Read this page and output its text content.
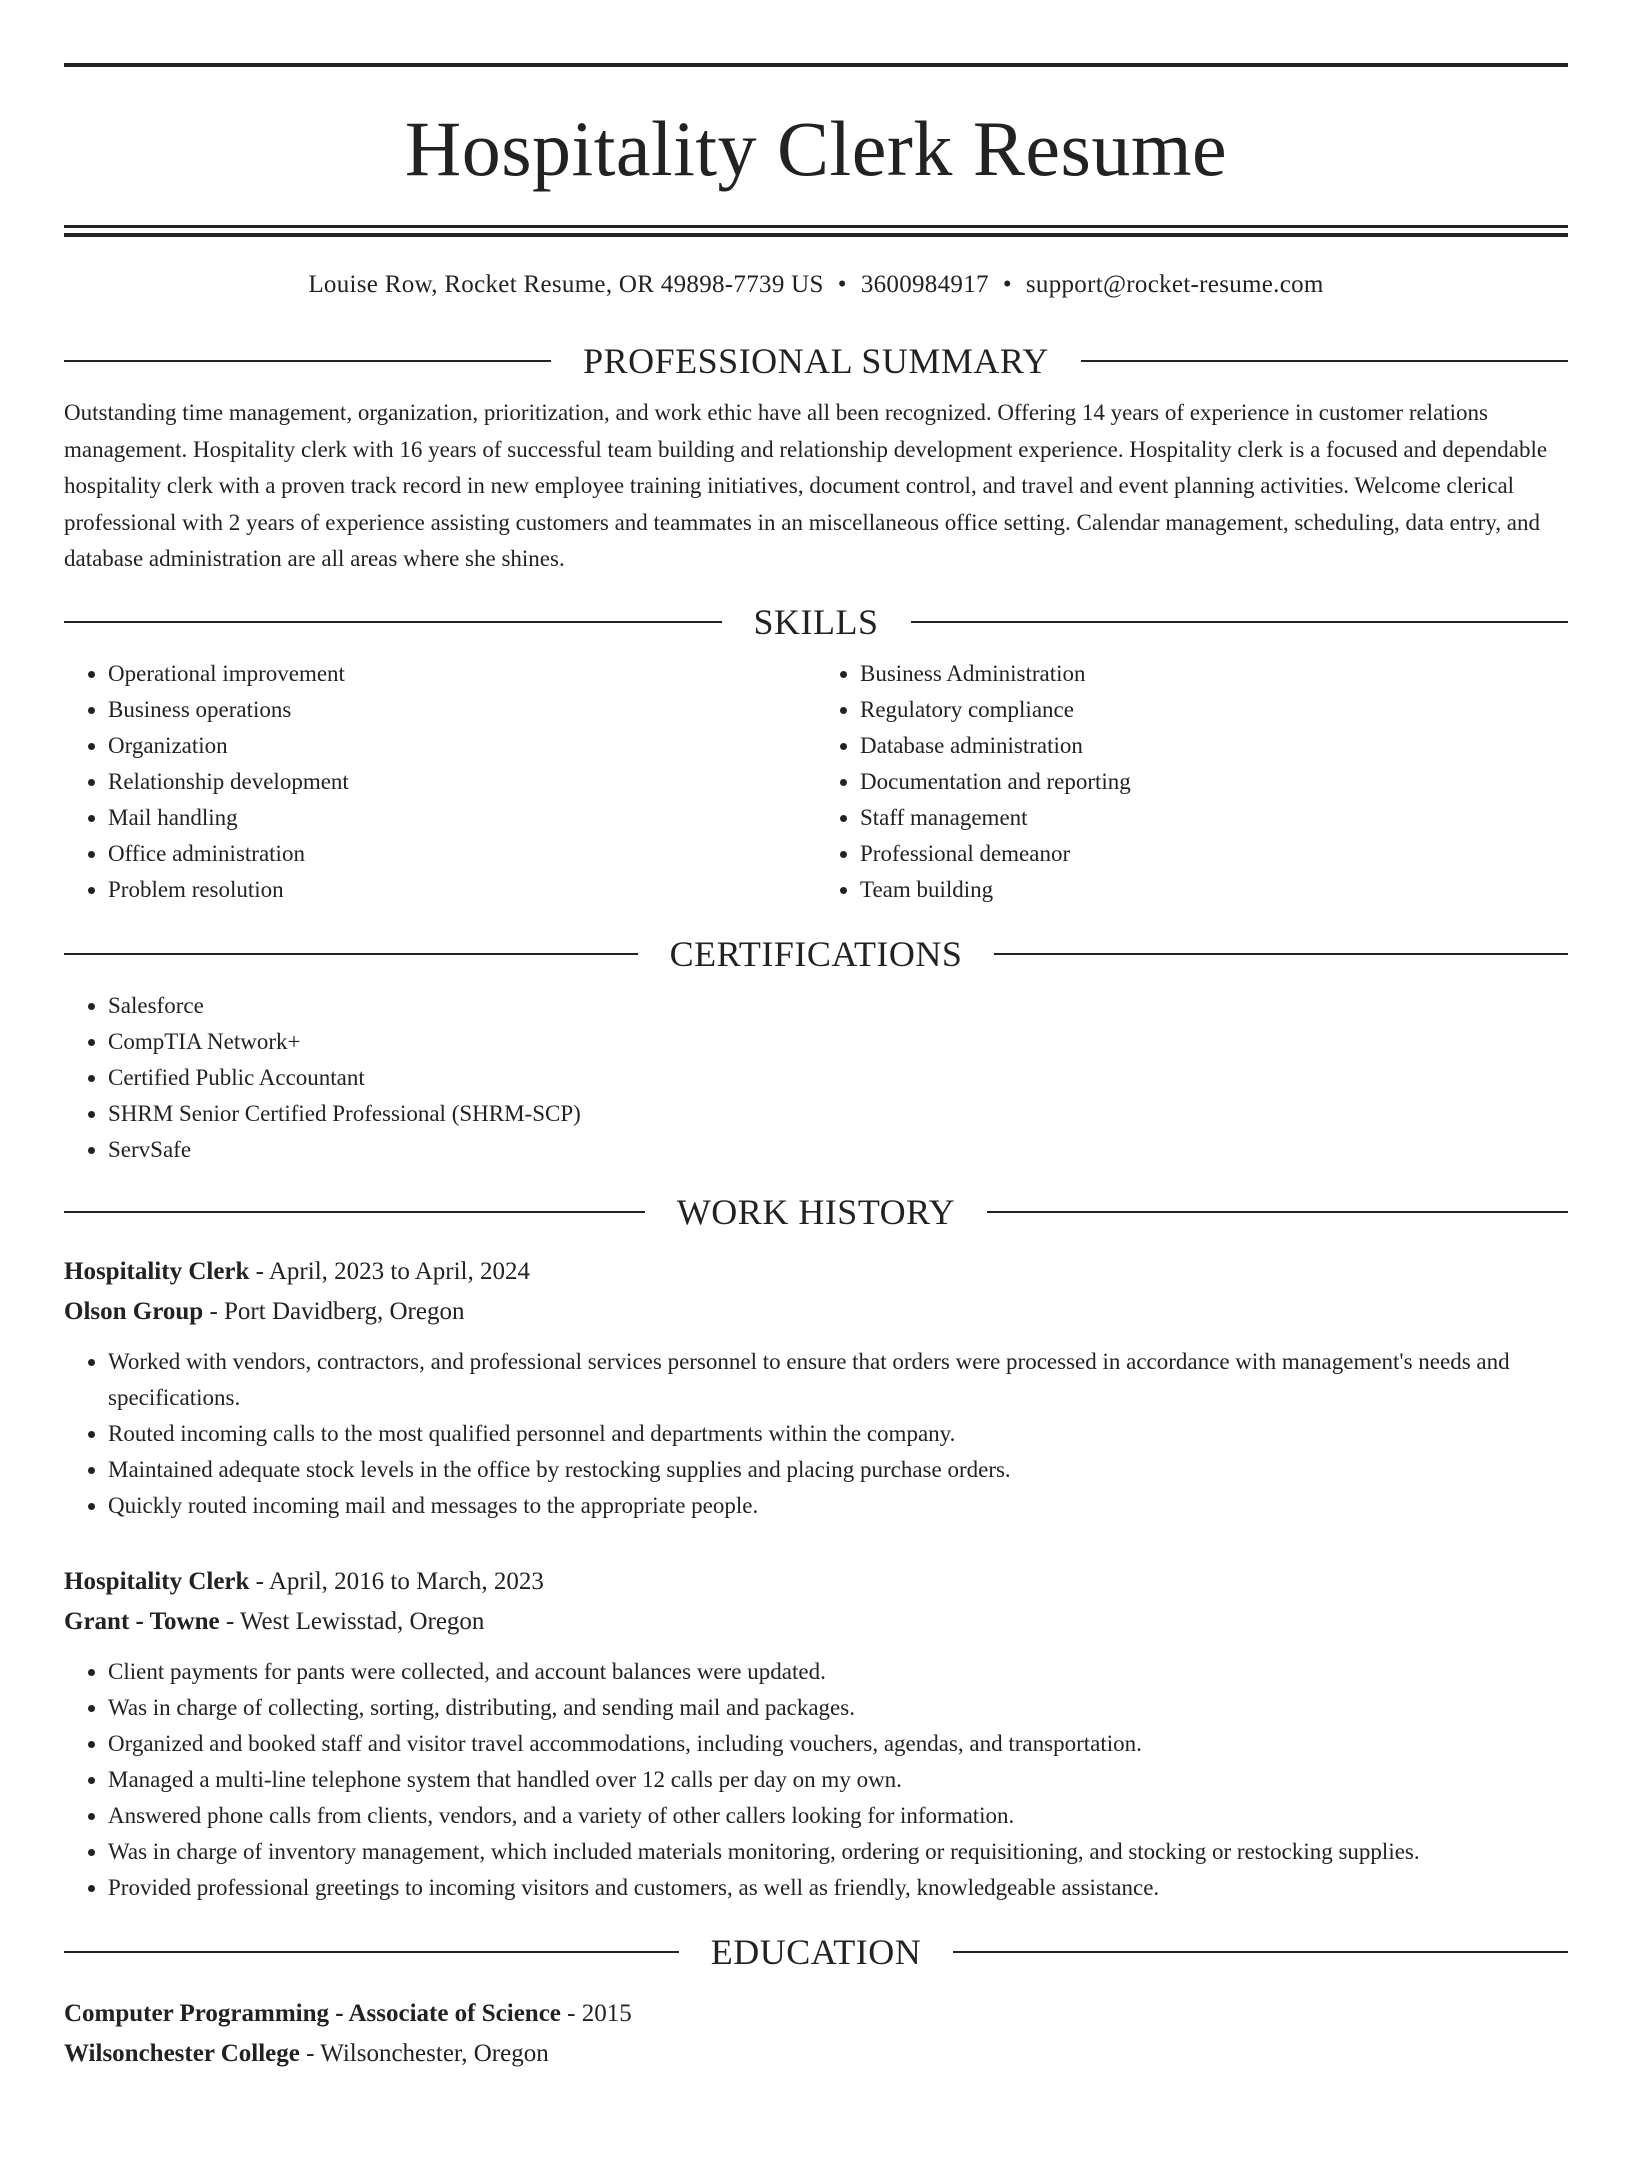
Hospitality Clerk Resume
Louise Row, Rocket Resume, OR 49898-7739 US • 3600984917 • support@rocket-resume.com
PROFESSIONAL SUMMARY

Outstanding time management, organization, prioritization, and work ethic have all been recognized. Offering 14 years of experience in customer relations management. Hospitality clerk with 16 years of successful team building and relationship development experience. Hospitality clerk is a focused and dependable hospitality clerk with a proven track record in new employee training initiatives, document control, and travel and event planning activities. Welcome clerical professional with 2 years of experience assisting customers and teammates in an miscellaneous office setting. Calendar management, scheduling, data entry, and database administration are all areas where she shines.

SKILLS
• Operational improvement
• Business operations
• Organization
• Relationship development
• Mail handling
• Office administration
• Problem resolution
• Business Administration
• Regulatory compliance
• Database administration
• Documentation and reporting
• Staff management
• Professional demeanor
• Team building
CERTIFICATIONS
• Salesforce
• CompTIA Network+
• Certified Public Accountant
• SHRM Senior Certified Professional (SHRM-SCP)
• ServSafe
WORK HISTORY
Hospitality Clerk - April, 2023 to April, 2024
Olson Group - Port Davidberg, Oregon
• Worked with vendors, contractors, and professional services personnel to ensure that orders were processed in accordance with management's needs and specifications.
• Routed incoming calls to the most qualified personnel and departments within the company.
• Maintained adequate stock levels in the office by restocking supplies and placing purchase orders.
• Quickly routed incoming mail and messages to the appropriate people.
Hospitality Clerk - April, 2016 to March, 2023
Grant - Towne - West Lewisstad, Oregon
• Client payments for pants were collected, and account balances were updated.
• Was in charge of collecting, sorting, distributing, and sending mail and packages.
• Organized and booked staff and visitor travel accommodations, including vouchers, agendas, and transportation.
• Managed a multi-line telephone system that handled over 12 calls per day on my own.
• Answered phone calls from clients, vendors, and a variety of other callers looking for information.
• Was in charge of inventory management, which included materials monitoring, ordering or requisitioning, and stocking or restocking supplies.
• Provided professional greetings to incoming visitors and customers, as well as friendly, knowledgeable assistance.
EDUCATION
Computer Programming - Associate of Science - 2015
Wilsonchester College - Wilsonchester, Oregon
